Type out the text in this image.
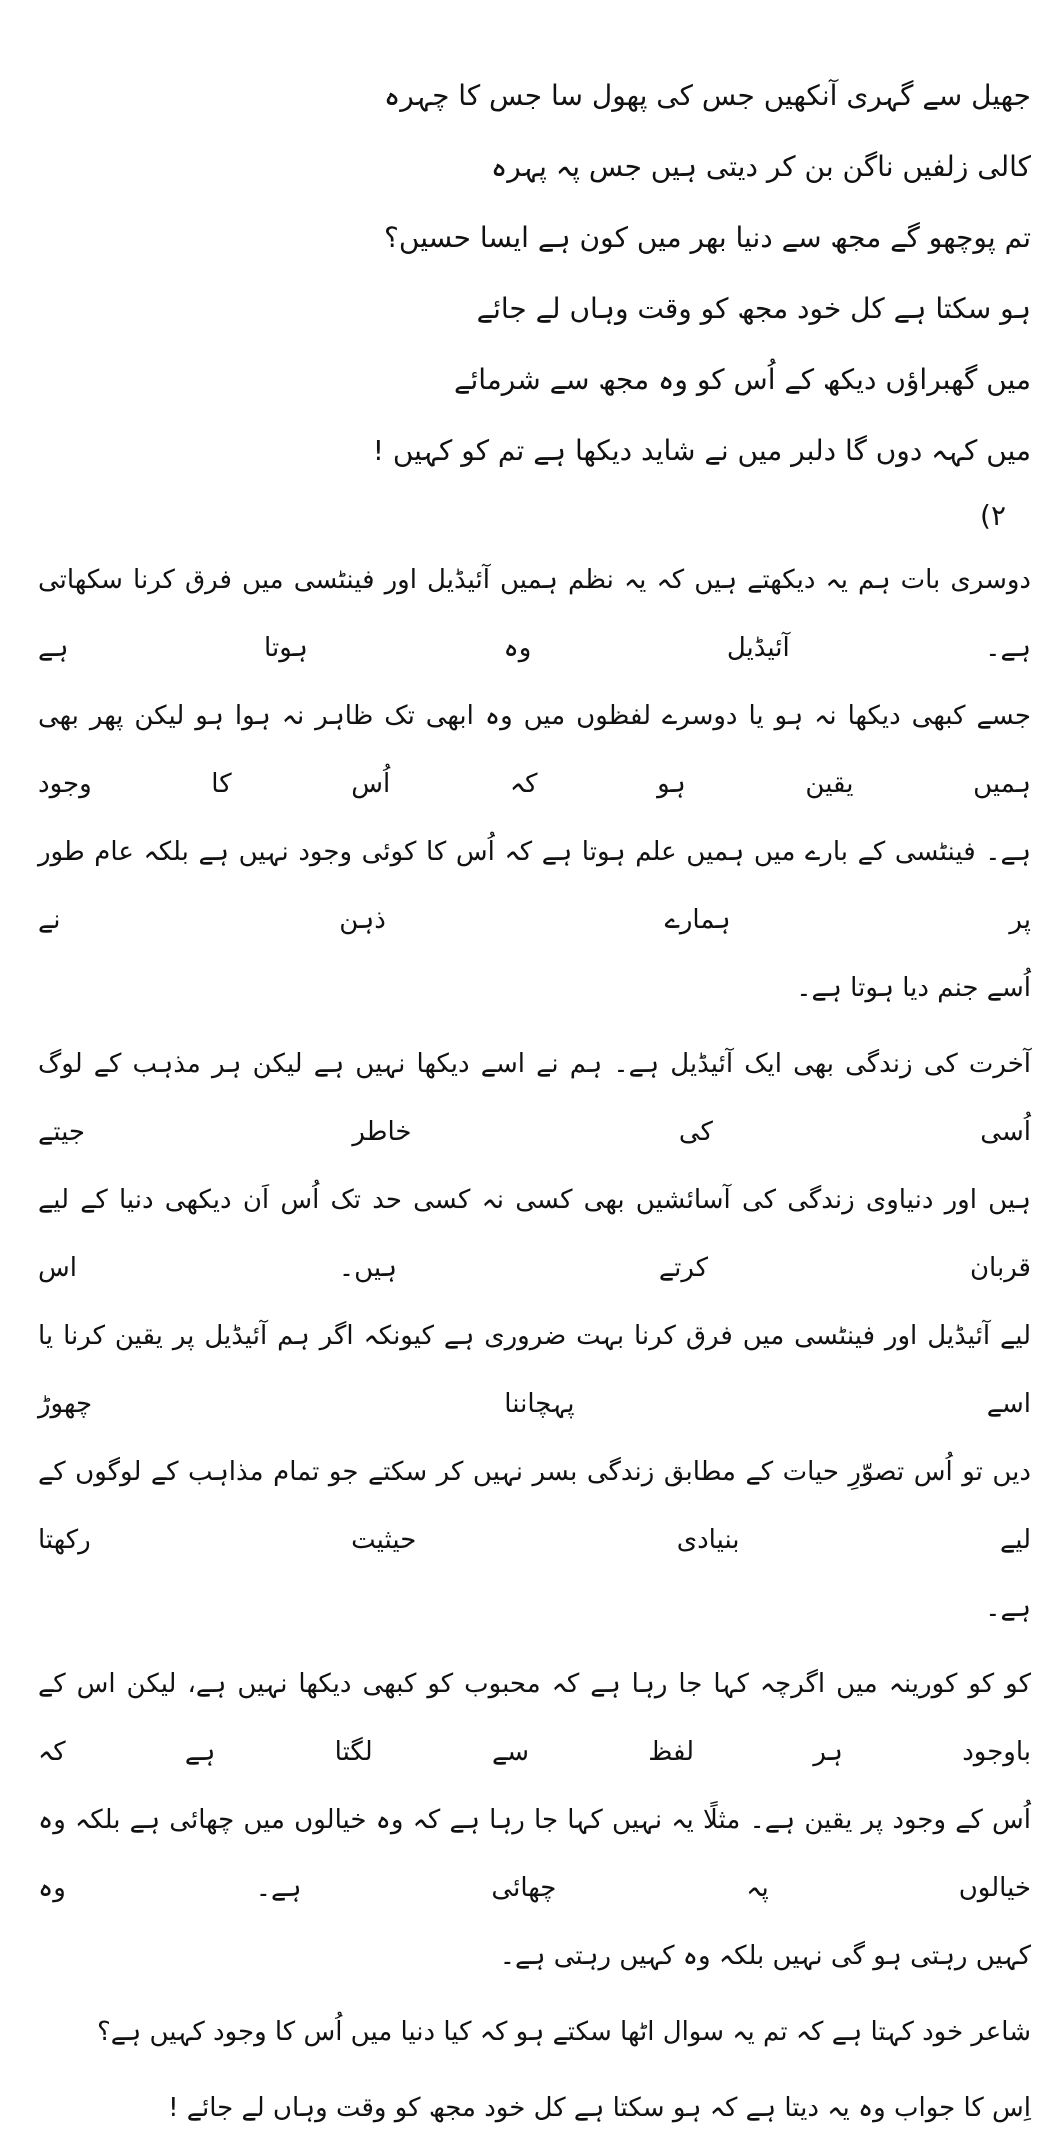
جھیل سے گہری آنکھیں جس کی پھول سا جس کا چہرہ
کالی زلفیں ناگن بن کر دیتی ہیں جس پہ پہرہ
تم پوچھو گے مجھ سے دنیا بھر میں کون ہے ایسا حسیں؟
ہو سکتا ہے کل خود مجھ کو وقت وہاں لے جائے
میں گھبراؤں دیکھ کے اُس کو وہ مجھ سے شرمائے
میں کہہ دوں گا دلبر میں نے شاید دیکھا ہے تم کو کہیں !
(۲
دوسری بات ہم یہ دیکھتے ہیں کہ یہ نظم ہمیں آئیڈیل اور فینٹسی میں فرق کرنا سکھاتی ہے۔ آئیڈیل وہ ہوتا ہے
جسے کبھی دیکھا نہ ہو یا دوسرے لفظوں میں وہ ابھی تک ظاہر نہ ہوا ہو لیکن پھر بھی ہمیں یقین ہو کہ اُس کا وجود
ہے۔ فینٹسی کے بارے میں ہمیں علم ہوتا ہے کہ اُس کا کوئی وجود نہیں ہے بلکہ عام طور پر ہمارے ذہن نے
اُسے جنم دیا ہوتا ہے۔
آخرت کی زندگی بھی ایک آئیڈیل ہے۔ ہم نے اسے دیکھا نہیں ہے لیکن ہر مذہب کے لوگ اُسی کی خاطر جیتے
ہیں اور دنیاوی زندگی کی آسائشیں بھی کسی نہ کسی حد تک اُس اَن دیکھی دنیا کے لیے قربان کرتے ہیں۔ اس
لیے آئیڈیل اور فینٹسی میں فرق کرنا بہت ضروری ہے کیونکہ اگر ہم آئیڈیل پر یقین کرنا یا اسے پہچاننا چھوڑ
دیں تو اُس تصوّرِ حیات کے مطابق زندگی بسر نہیں کر سکتے جو تمام مذاہب کے لوگوں کے لیے بنیادی حیثیت رکھتا
ہے۔
کو کو کورینہ میں اگرچہ کہا جا رہا ہے کہ محبوب کو کبھی دیکھا نہیں ہے، لیکن اس کے باوجود ہر لفظ سے لگتا ہے کہ
اُس کے وجود پر یقین ہے۔ مثلًا یہ نہیں کہا جا رہا ہے کہ وہ خیالوں میں چھائی ہے بلکہ وہ خیالوں پہ چھائی ہے۔ وہ
کہیں رہتی ہو گی نہیں بلکہ وہ کہیں رہتی ہے۔
شاعر خود کہتا ہے کہ تم یہ سوال اٹھا سکتے ہو کہ کیا دنیا میں اُس کا وجود کہیں ہے؟
اِس کا جواب وہ یہ دیتا ہے کہ ہو سکتا ہے کل خود مجھ کو وقت وہاں لے جائے !
